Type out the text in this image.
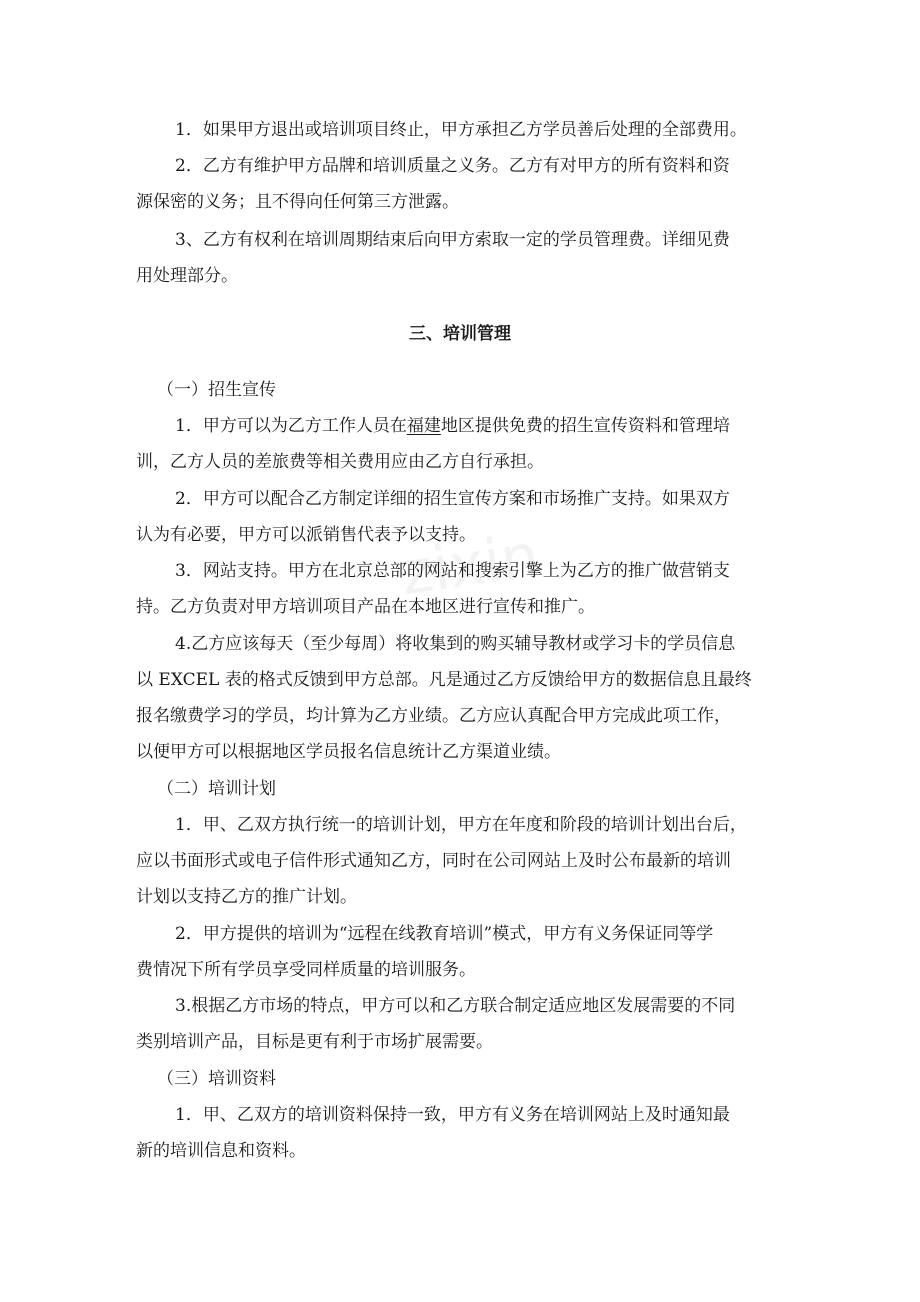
zixin

1．如果甲方退出或培训项目终止，甲方承担乙方学员善后处理的全部费用。

2．乙方有维护甲方品牌和培训质量之义务。乙方有对甲方的所有资料和资

源保密的义务；且不得向任何第三方泄露。

3、乙方有权利在培训周期结束后向甲方索取一定的学员管理费。详细见费

用处理部分。

三、培训管理

（一）招生宣传

1．甲方可以为乙方工作人员在福建地区提供免费的招生宣传资料和管理培

训，乙方人员的差旅费等相关费用应由乙方自行承担。

2．甲方可以配合乙方制定详细的招生宣传方案和市场推广支持。如果双方

认为有必要，甲方可以派销售代表予以支持。

3．网站支持。甲方在北京总部的网站和搜索引擎上为乙方的推广做营销支

持。乙方负责对甲方培训项目产品在本地区进行宣传和推广。

4.乙方应该每天（至少每周）将收集到的购买辅导教材或学习卡的学员信息

以 EXCEL 表的格式反馈到甲方总部。凡是通过乙方反馈给甲方的数据信息且最终

报名缴费学习的学员，均计算为乙方业绩。乙方应认真配合甲方完成此项工作，

以便甲方可以根据地区学员报名信息统计乙方渠道业绩。

（二）培训计划

1．甲、乙双方执行统一的培训计划，甲方在年度和阶段的培训计划出台后，

应以书面形式或电子信件形式通知乙方，同时在公司网站上及时公布最新的培训

计划以支持乙方的推广计划。

2．甲方提供的培训为“远程在线教育培训”模式，甲方有义务保证同等学

费情况下所有学员享受同样质量的培训服务。

3.根据乙方市场的特点，甲方可以和乙方联合制定适应地区发展需要的不同

类别培训产品，目标是更有利于市场扩展需要。

（三）培训资料

1．甲、乙双方的培训资料保持一致，甲方有义务在培训网站上及时通知最

新的培训信息和资料。
